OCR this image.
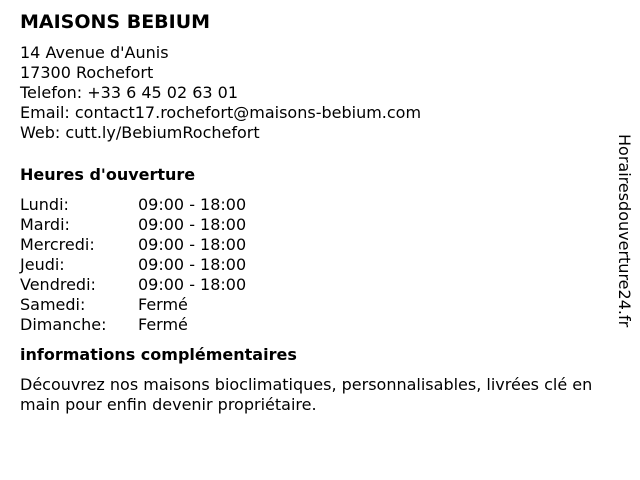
MAISONS BEBIUM
14 Avenue d'Aunis
17300 Rochefort
Telefon: +33 6 45 02 63 01
Email: contact17.rochefort@maisons-bebium.com
Web: cutt.ly/BebiumRochefort
Heures d'ouverture
Lundi:	09:00 - 18:00
Mardi:	09:00 - 18:00
Mercredi:	09:00 - 18:00
Jeudi:	09:00 - 18:00
Vendredi:	09:00 - 18:00
Samedi:	Fermé
Dimanche:	Fermé
informations complémentaires
Découvrez nos maisons bioclimatiques, personnalisables, livrées clé en main pour enfin devenir propriétaire.
Horairesdouverture24.fr
